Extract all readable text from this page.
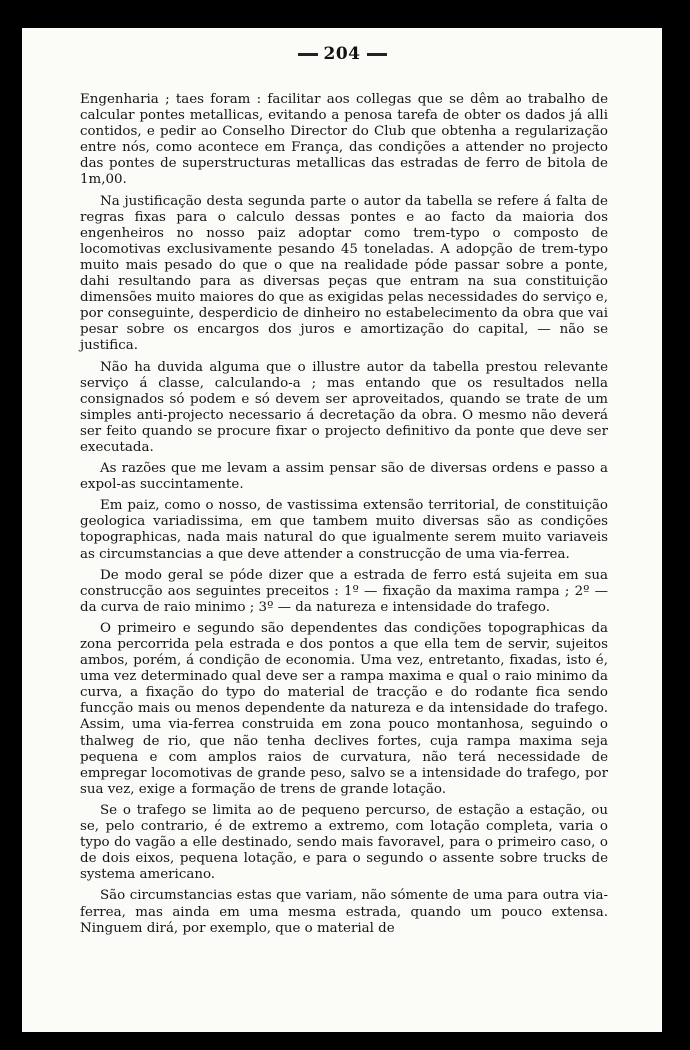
204

Engenharia ; taes foram : facilitar aos collegas que se dêm ao trabalho de calcular pontes metallicas, evitando a penosa tarefa de obter os dados já alli contidos, e pedir ao Conselho Director do Club que obtenha a regularização entre nós, como acontece em França, das condições a attender no projecto das pontes de superstructuras metallicas das estradas de ferro de bitola de 1m,00.

Na justificação desta segunda parte o autor da tabella se refere á falta de regras fixas para o calculo dessas pontes e ao facto da maioria dos engenheiros no nosso paiz adoptar como trem-typo o composto de locomotivas exclusivamente pesando 45 toneladas. A adopção de trem-typo muito mais pesado do que o que na realidade póde passar sobre a ponte, dahi resultando para as diversas peças que entram na sua constituição dimensões muito maiores do que as exigidas pelas necessidades do serviço e, por conseguinte, desperdicio de dinheiro no estabelecimento da obra que vai pesar sobre os encargos dos juros e amortização do capital, — não se justifica.

Não ha duvida alguma que o illustre autor da tabella prestou relevante serviço á classe, calculando-a ; mas entando que os resultados nella consignados só podem e só devem ser aproveitados, quando se trate de um simples anti-projecto necessario á decretação da obra. O mesmo não deverá ser feito quando se procure fixar o projecto definitivo da ponte que deve ser executada.

As razões que me levam a assim pensar são de diversas ordens e passo a expol-as succintamente.

Em paiz, como o nosso, de vastissima extensão territorial, de constituição geologica variadissima, em que tambem muito diversas são as condições topographicas, nada mais natural do que igualmente serem muito variaveis as circumstancias a que deve attender a construcção de uma via-ferrea.

De modo geral se póde dizer que a estrada de ferro está sujeita em sua construcção aos seguintes preceitos : 1º — fixação da maxima rampa ; 2º — da curva de raio minimo ; 3º — da natureza e intensidade do trafego.

O primeiro e segundo são dependentes das condições topographicas da zona percorrida pela estrada e dos pontos a que ella tem de servir, sujeitos ambos, porém, á condição de economia. Uma vez, entretanto, fixadas, isto é, uma vez determinado qual deve ser a rampa maxima e qual o raio minimo da curva, a fixação do typo do material de tracção e do rodante fica sendo funcção mais ou menos dependente da natureza e da intensidade do trafego. Assim, uma via-ferrea construida em zona pouco montanhosa, seguindo o thalweg de rio, que não tenha declives fortes, cuja rampa maxima seja pequena e com amplos raios de curvatura, não terá necessidade de empregar locomotivas de grande peso, salvo se a intensidade do trafego, por sua vez, exige a formação de trens de grande lotação.

Se o trafego se limita ao de pequeno percurso, de estação a estação, ou se, pelo contrario, é de extremo a extremo, com lotação completa, varia o typo do vagão a elle destinado, sendo mais favoravel, para o primeiro caso, o de dois eixos, pequena lotação, e para o segundo o assente sobre trucks de systema americano.

São circumstancias estas que variam, não sómente de uma para outra via-ferrea, mas ainda em uma mesma estrada, quando um pouco extensa. Ninguem dirá, por exemplo, que o material de
